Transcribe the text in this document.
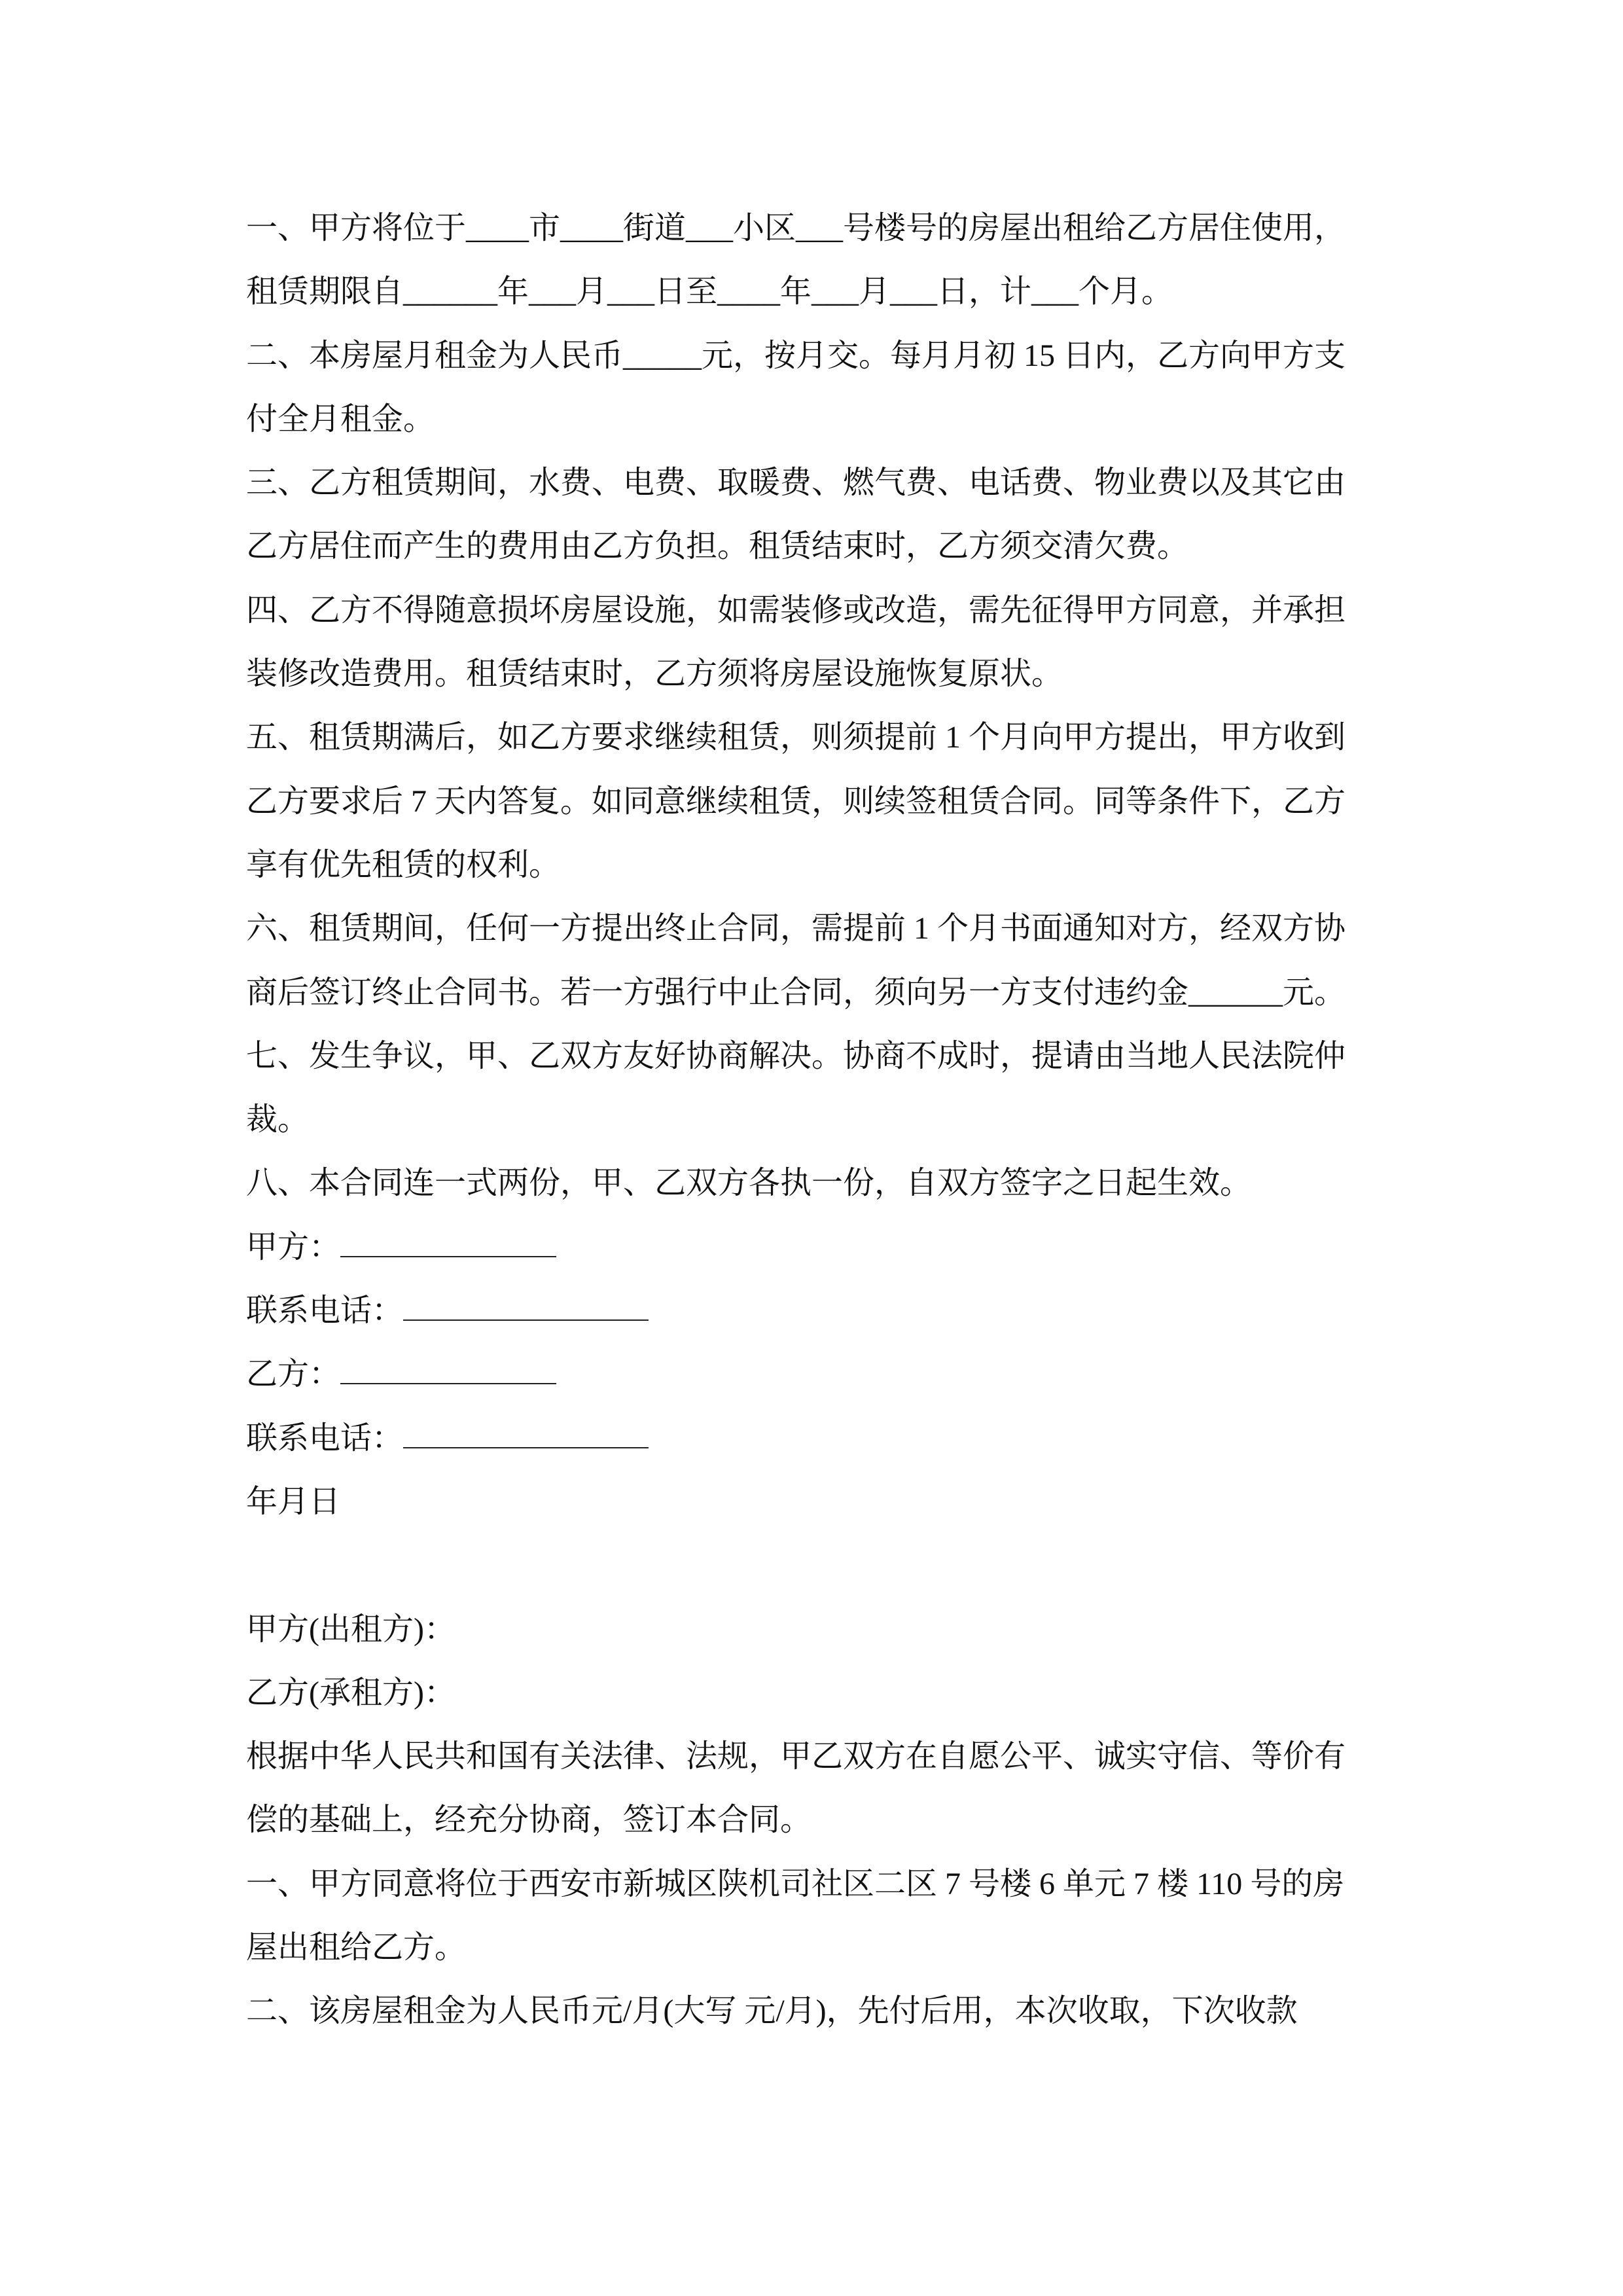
一、甲方将位于____市____街道___小区___号楼号的房屋出租给乙方居住使用，
租赁期限自______年___月___日至____年___月___日，计___个月。
二、本房屋月租金为人民币_____元，按月交。每月月初 15 日内，乙方向甲方支
付全月租金。
三、乙方租赁期间，水费、电费、取暖费、燃气费、电话费、物业费以及其它由
乙方居住而产生的费用由乙方负担。租赁结束时，乙方须交清欠费。
四、乙方不得随意损坏房屋设施，如需装修或改造，需先征得甲方同意，并承担
装修改造费用。租赁结束时，乙方须将房屋设施恢复原状。
五、租赁期满后，如乙方要求继续租赁，则须提前 1 个月向甲方提出，甲方收到
乙方要求后 7 天内答复。如同意继续租赁，则续签租赁合同。同等条件下，乙方
享有优先租赁的权利。
六、租赁期间，任何一方提出终止合同，需提前 1 个月书面通知对方，经双方协
商后签订终止合同书。若一方强行中止合同，须向另一方支付违约金______元。
七、发生争议，甲、乙双方友好协商解决。协商不成时，提请由当地人民法院仲
裁。
八、本合同连一式两份，甲、乙双方各执一份，自双方签字之日起生效。
甲方：
联系电话：
乙方：
联系电话：
年月日
甲方(出租方)：
乙方(承租方)：
根据中华人民共和国有关法律、法规，甲乙双方在自愿公平、诚实守信、等价有
偿的基础上，经充分协商，签订本合同。
一、甲方同意将位于西安市新城区陕机司社区二区 7 号楼 6 单元 7 楼 110 号的房
屋出租给乙方。
二、该房屋租金为人民币元/月(大写 元/月)，先付后用，本次收取，下次收款
